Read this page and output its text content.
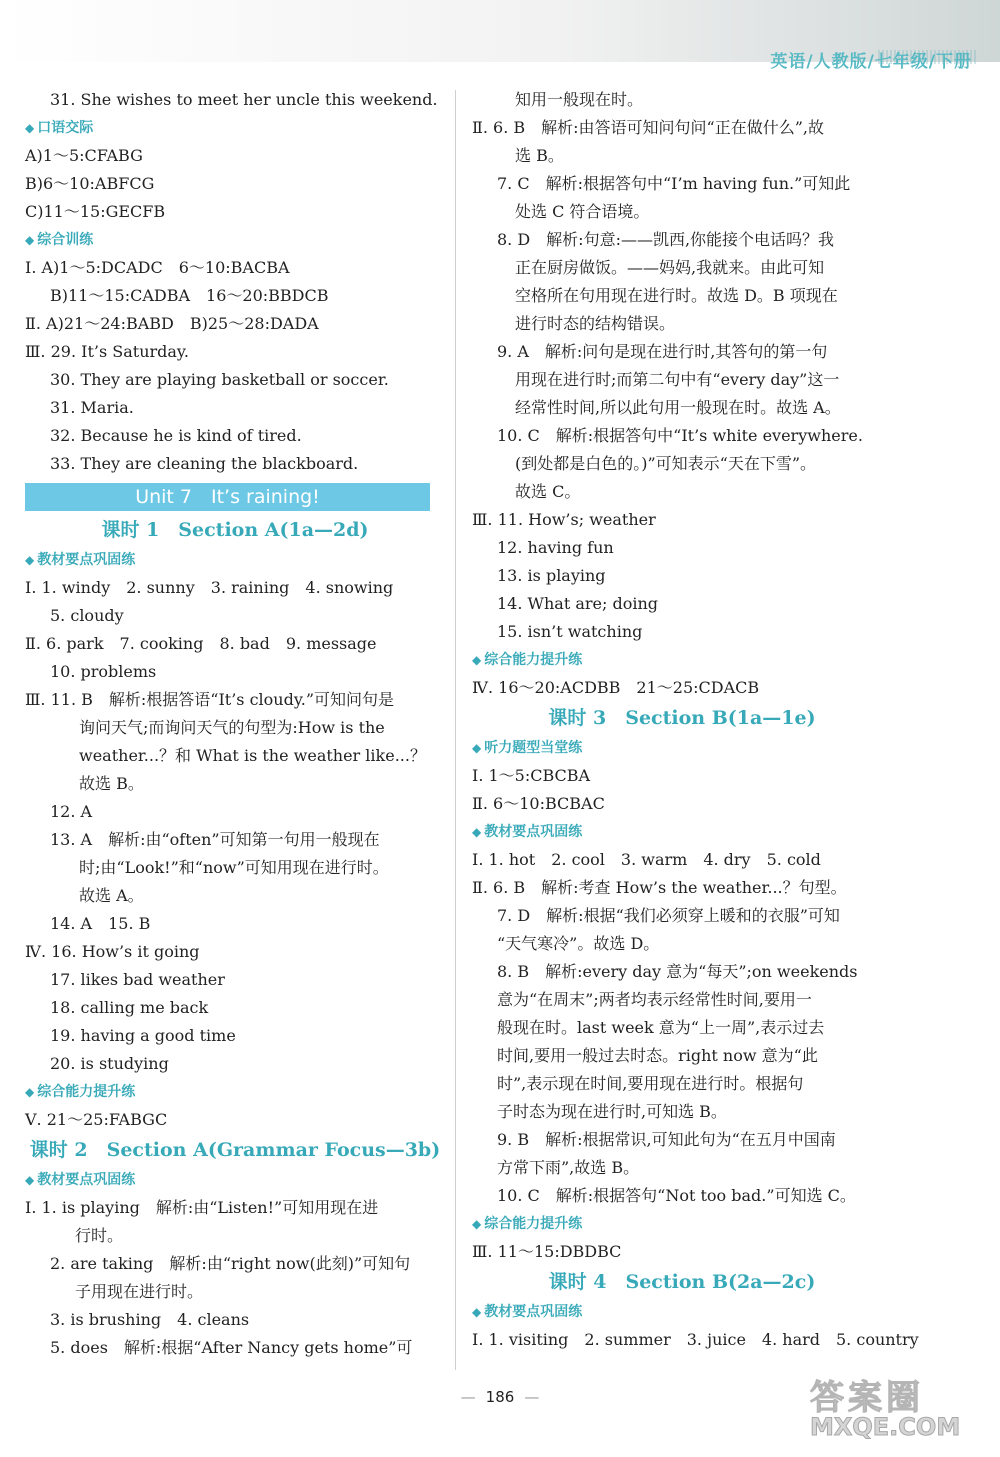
英语/人教版/七年级/下册
31. She wishes to meet her uncle this weekend.
◆ 口语交际
A)1～5:CFABG
B)6～10:ABFCG
C)11～15:GECFB
◆ 综合训练
Ⅰ. A)1～5:DCADC　6～10:BACBA
B)11～15:CADBA　16～20:BBDCB
Ⅱ. A)21～24:BABD　B)25～28:DADA
Ⅲ. 29. It’s Saturday.
30. They are playing basketball or soccer.
31. Maria.
32. Because he is kind of tired.
33. They are cleaning the blackboard.
Unit 7　It’s raining!
课时 1　Section A(1a—2d)
◆ 教材要点巩固练
Ⅰ. 1. windy　2. sunny　3. raining　4. snowing
5. cloudy
Ⅱ. 6. park　7. cooking　8. bad　9. message
10. problems
Ⅲ. 11. B　解析:根据答语“It’s cloudy.”可知问句是
询问天气;而询问天气的句型为:How is the
weather...？和 What is the weather like...？
故选 B。
12. A
13. A　解析:由“often”可知第一句用一般现在
时;由“Look!”和“now”可知用现在进行时。
故选 A。
14. A　15. B
Ⅳ. 16. How’s it going
17. likes bad weather
18. calling me back
19. having a good time
20. is studying
◆ 综合能力提升练
Ⅴ. 21～25:FABGC
课时 2　Section A(Grammar Focus—3b)
◆ 教材要点巩固练
Ⅰ. 1. is playing　解析:由“Listen!”可知用现在进
行时。
2. are taking　解析:由“right now(此刻)”可知句
子用现在进行时。
3. is brushing　4. cleans
5. does　解析:根据“After Nancy gets home”可
知用一般现在时。
Ⅱ. 6. B　解析:由答语可知问句问“正在做什么”,故
选 B。
7. C　解析:根据答句中“I’m having fun.”可知此
处选 C 符合语境。
8. D　解析:句意:——凯西,你能接个电话吗？我
正在厨房做饭。——妈妈,我就来。由此可知
空格所在句用现在进行时。故选 D。B 项现在
进行时态的结构错误。
9. A　解析:问句是现在进行时,其答句的第一句
用现在进行时;而第二句中有“every day”这一
经常性时间,所以此句用一般现在时。故选 A。
10. C　解析:根据答句中“It’s white everywhere.
(到处都是白色的。)”可知表示“天在下雪”。
故选 C。
Ⅲ. 11. How’s; weather
12. having fun
13. is playing
14. What are; doing
15. isn’t watching
◆ 综合能力提升练
Ⅳ. 16～20:ACDBB　21～25:CDACB
课时 3　Section B(1a—1e)
◆ 听力题型当堂练
Ⅰ. 1～5:CBCBA
Ⅱ. 6～10:BCBAC
◆ 教材要点巩固练
Ⅰ. 1. hot　2. cool　3. warm　4. dry　5. cold
Ⅱ. 6. B　解析:考查 How’s the weather...？句型。
7. D　解析:根据“我们必须穿上暖和的衣服”可知
“天气寒冷”。故选 D。
8. B　解析:every day 意为“每天”;on weekends
意为“在周末”;两者均表示经常性时间,要用一
般现在时。last week 意为“上一周”,表示过去
时间,要用一般过去时态。right now 意为“此
时”,表示现在时间,要用现在进行时。根据句
子时态为现在进行时,可知选 B。
9. B　解析:根据常识,可知此句为“在五月中国南
方常下雨”,故选 B。
10. C　解析:根据答句“Not too bad.”可知选 C。
◆ 综合能力提升练
Ⅲ. 11～15:DBDBC
课时 4　Section B(2a—2c)
◆ 教材要点巩固练
Ⅰ. 1. visiting　2. summer　3. juice　4. hard　5. country
— 186 —	答案圈
MXQE.COM
